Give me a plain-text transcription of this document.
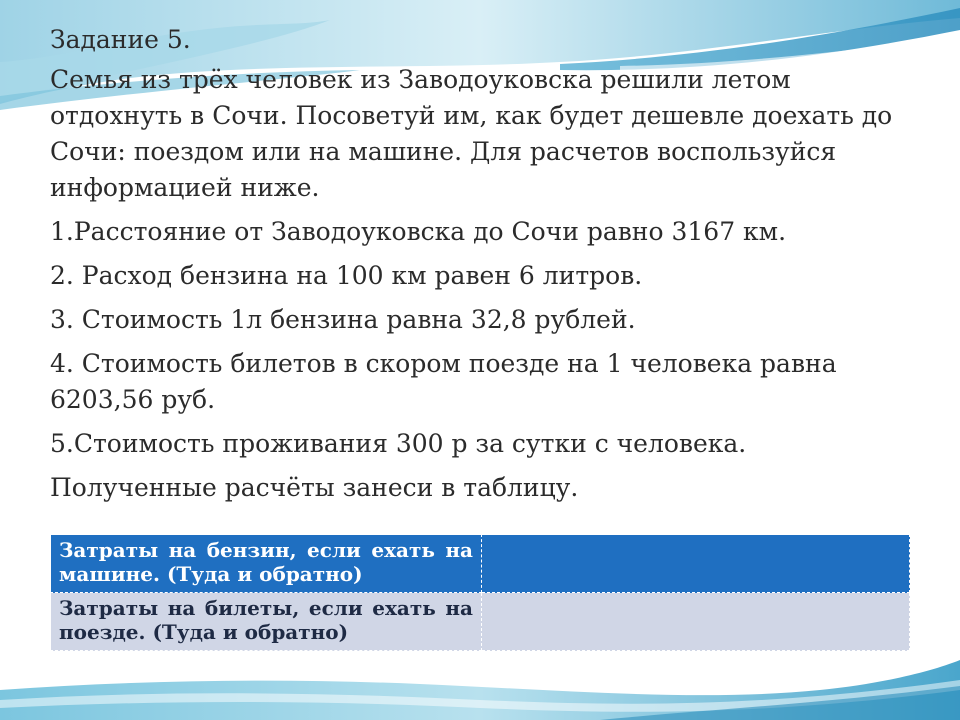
Задание 5.

Семья из трёх человек из Заводоуковска решили летом отдохнуть в Сочи. Посоветуй им, как будет дешевле доехать до Сочи: поездом или на машине. Для расчетов воспользуйся информацией ниже.

1.Расстояние от Заводоуковска до Сочи равно 3167 км.

2. Расход бензина на 100 км равен 6 литров.

3. Стоимость 1л бензина равна 32,8 рублей.

4. Стоимость билетов в скором поезде на 1 человека равна 6203,56 руб.

5.Стоимость проживания 300 р за сутки с человека.

Полученные расчёты занеси в таблицу.

Затраты на бензин, если ехать на машине. (Туда и обратно)	
Затраты на билеты, если ехать на поезде. (Туда и обратно)	
